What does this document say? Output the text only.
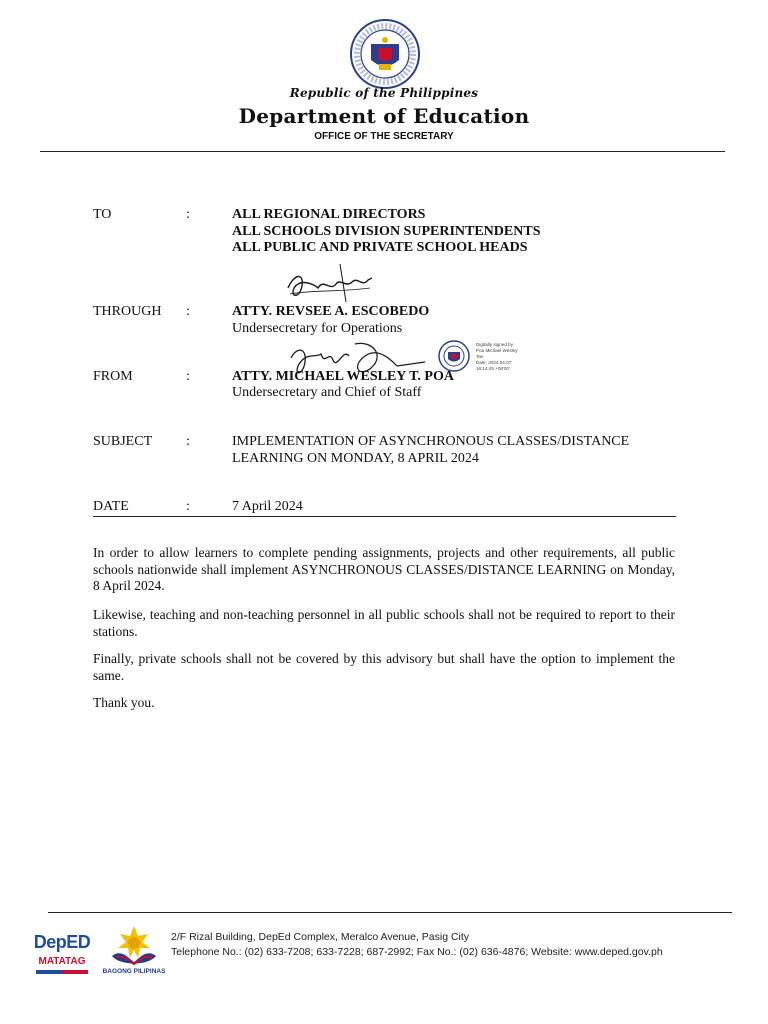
Republic of the Philippines
Department of Education
OFFICE OF THE SECRETARY
TO	:	ALL REGIONAL DIRECTORS
ALL SCHOOLS DIVISION SUPERINTENDENTS
ALL PUBLIC AND PRIVATE SCHOOL HEADS
THROUGH :	ATTY. REVSEE A. ESCOBEDO
Undersecretary for Operations
Digitally signed by
Poa Michael Wesley
Tan
Date: 2024.04.07
16:14:45 +08'00'
FROM	:	ATTY. MICHAEL WESLEY T. POA
Undersecretary and Chief of Staff
SUBJECT :	IMPLEMENTATION OF ASYNCHRONOUS CLASSES/DISTANCE
LEARNING ON MONDAY, 8 APRIL 2024
DATE	:	7 April 2024

In order to allow learners to complete pending assignments, projects and other requirements, all public schools nationwide shall implement ASYNCHRONOUS CLASSES/DISTANCE LEARNING on Monday, 8 April 2024.

Likewise, teaching and non-teaching personnel in all public schools shall not be required to report to their stations.

Finally, private schools shall not be covered by this advisory but shall have the option to implement the same.

Thank you.

DepED
MATATAG
BAGONG PILIPINAS
2/F Rizal Building, DepEd Complex, Meralco Avenue, Pasig City
Telephone No.: (02) 633-7208; 633-7228; 687-2992; Fax No.: (02) 636-4876; Website: www.deped.gov.ph
